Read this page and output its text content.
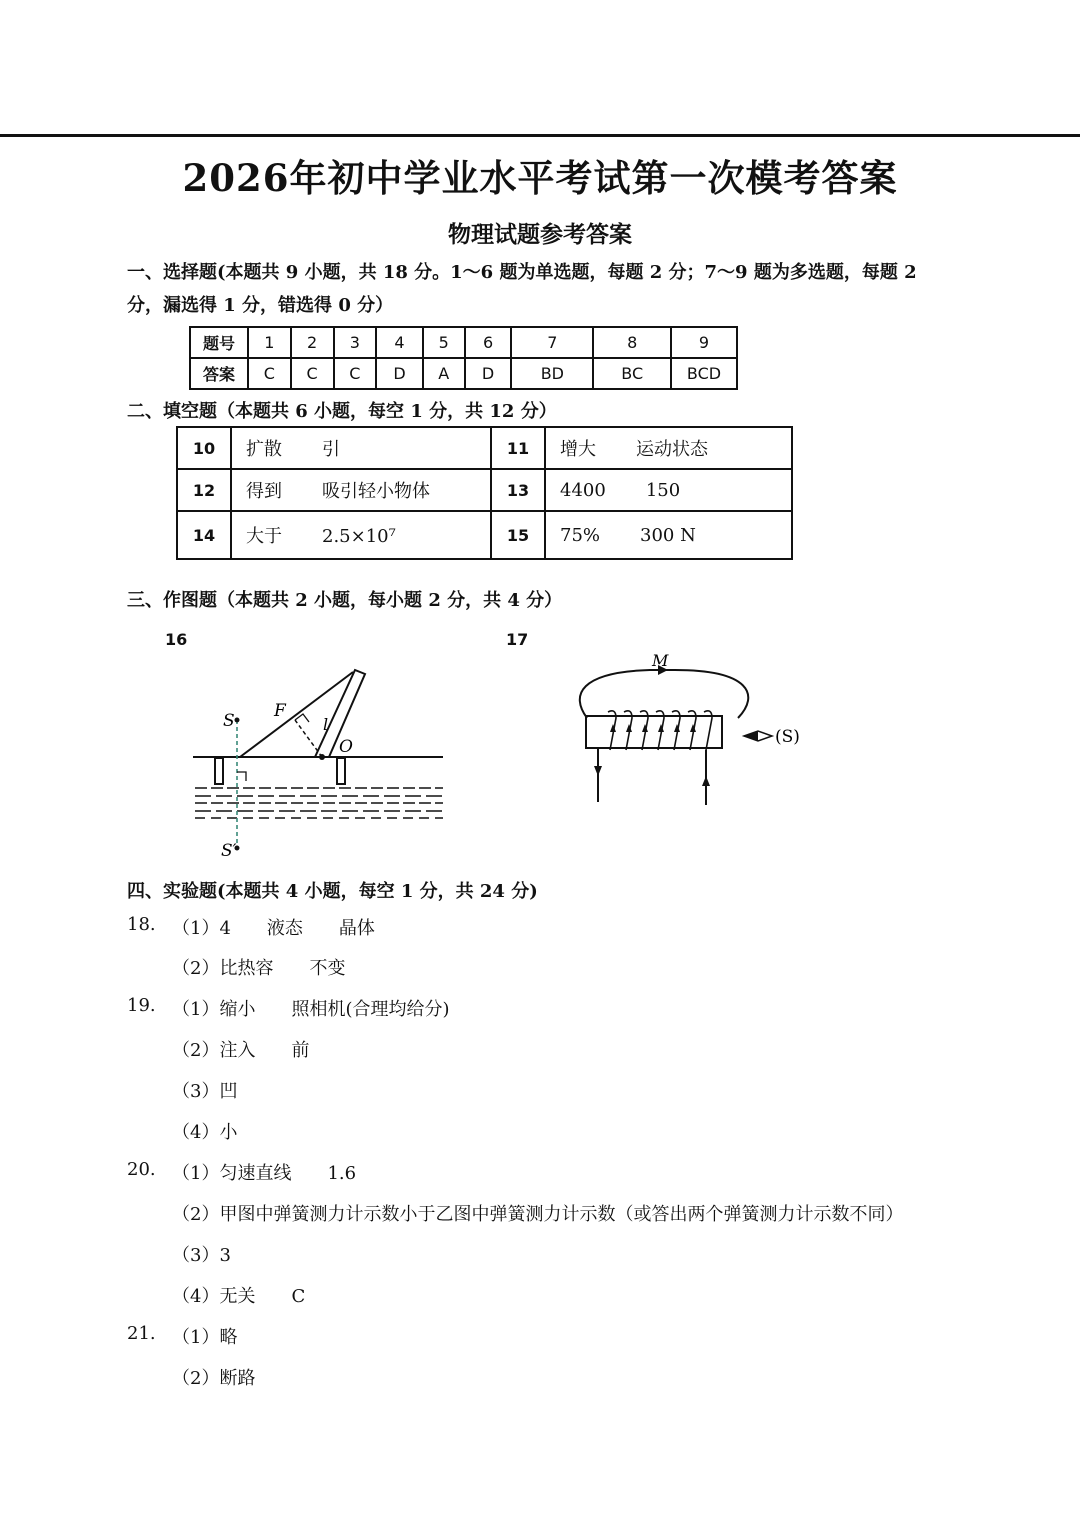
2026年初中学业水平考试第一次模考答案
物理试题参考答案
一、选择题(本题共 9 小题，共 18 分。1～6 题为单选题，每题 2 分；7～9 题为多选题，每题 2
分，漏选得 1 分，错选得 0 分）
题号	1	2	3	4	5	6	7	8	9
答案	C	C	C	D	A	D	BD	BC	BCD
二、填空题（本题共 6 小题，每空 1 分，共 12 分）
10	扩散 引	11	增大 运动状态
12	得到 吸引轻小物体	13	4400 150
14	大于 2.5×10⁷	15	75% 300 N
三、作图题（本题共 2 小题，每小题 2 分，共 4 分）
16	17
S
S′
F
l
O
M
(S)
四、实验题(本题共 4 小题，每空 1 分，共 24 分)
18. （1）4　　液态　　晶体
（2）比热容　　不变
19. （1）缩小　　照相机(合理均给分)
（2）注入　　前
（3）凹
（4）小
20. （1）匀速直线　　1.6
（2）甲图中弹簧测力计示数小于乙图中弹簧测力计示数（或答出两个弹簧测力计示数不同）
（3）3
（4）无关　　C
21. （1）略
（2）断路
